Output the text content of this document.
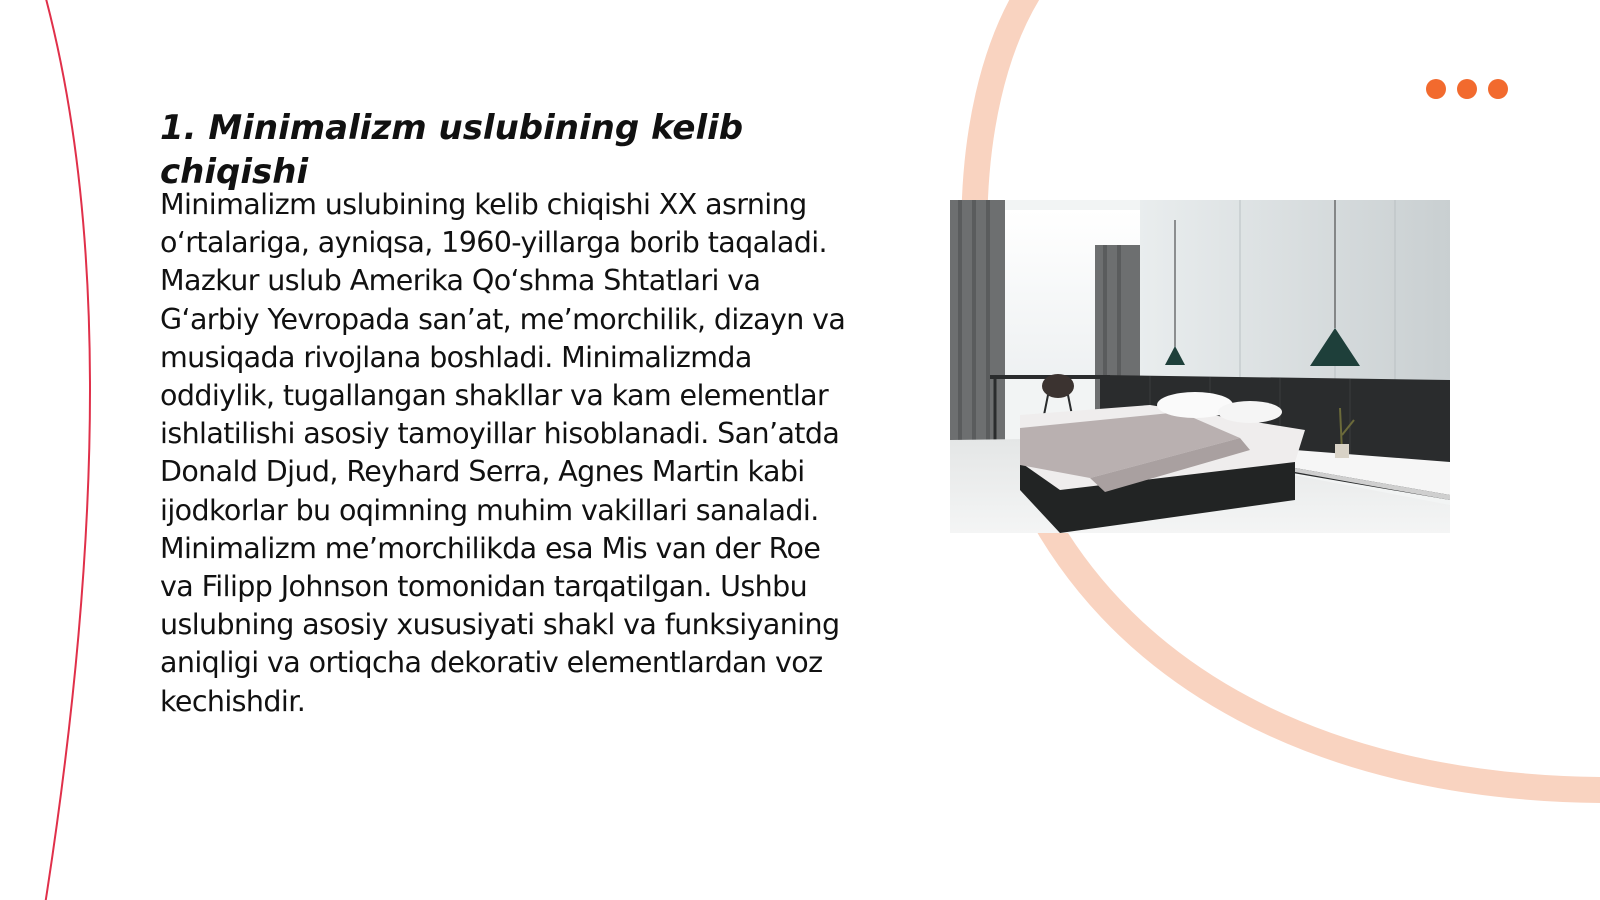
1. Minimalizm uslubining kelib chiqishi

Minimalizm uslubining kelib chiqishi XX asrning o‘rtalariga, ayniqsa, 1960-yillarga borib taqaladi. Mazkur uslub Amerika Qo‘shma Shtatlari va G‘arbiy Yevropada san’at, me’morchilik, dizayn va musiqada rivojlana boshladi. Minimalizmda oddiylik, tugallangan shakllar va kam elementlar ishlatilishi asosiy tamoyillar hisoblanadi. San’atda Donald Djud, Reyhard Serra, Agnes Martin kabi ijodkorlar bu oqimning muhim vakillari sanaladi. Minimalizm me’morchilikda esa Mis van der Roe va Filipp Johnson tomonidan tarqatilgan. Ushbu uslubning asosiy xususiyati shakl va funksiyaning aniqligi va ortiqcha dekorativ elementlardan voz kechishdir.
